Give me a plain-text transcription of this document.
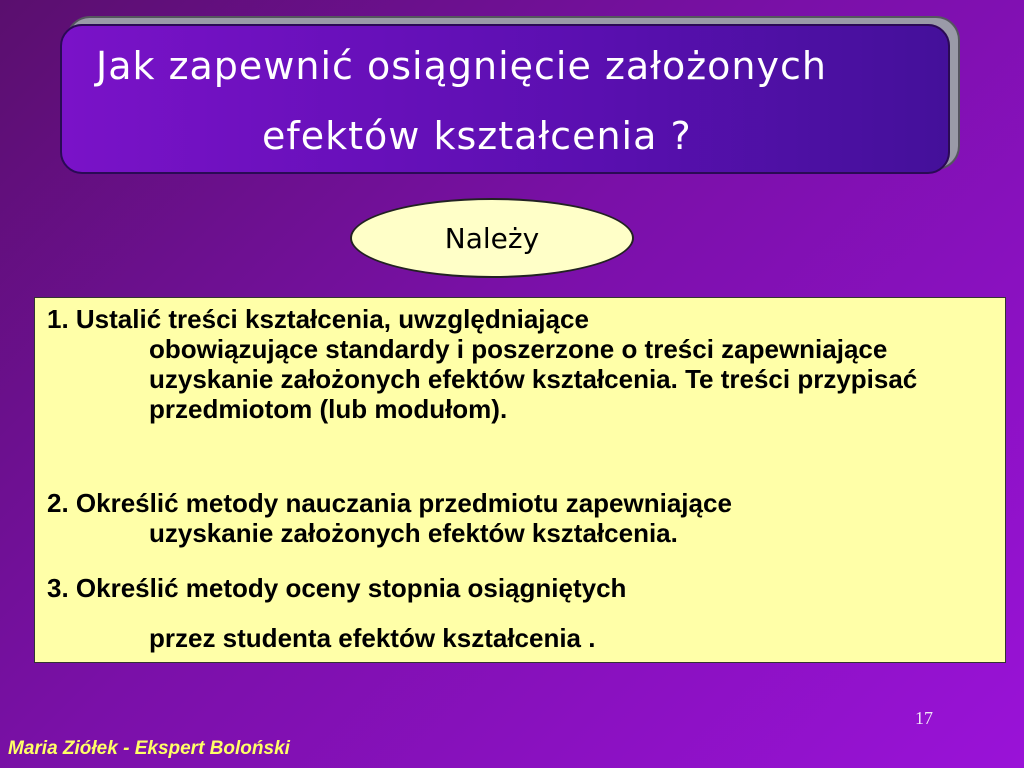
Jak zapewnić osiągnięcie założonych
efektów kształcenia ?
Należy
1. Ustalić treści kształcenia, uwzględniające
obowiązujące standardy i poszerzone o treści zapewniające uzyskanie założonych efektów kształcenia. Te treści przypisać przedmiotom (lub modułom).
2. Określić metody nauczania przedmiotu zapewniające
uzyskanie założonych efektów kształcenia.
3. Określić metody oceny stopnia osiągniętych
przez studenta efektów kształcenia .
17
Maria Ziółek - Ekspert Boloński
